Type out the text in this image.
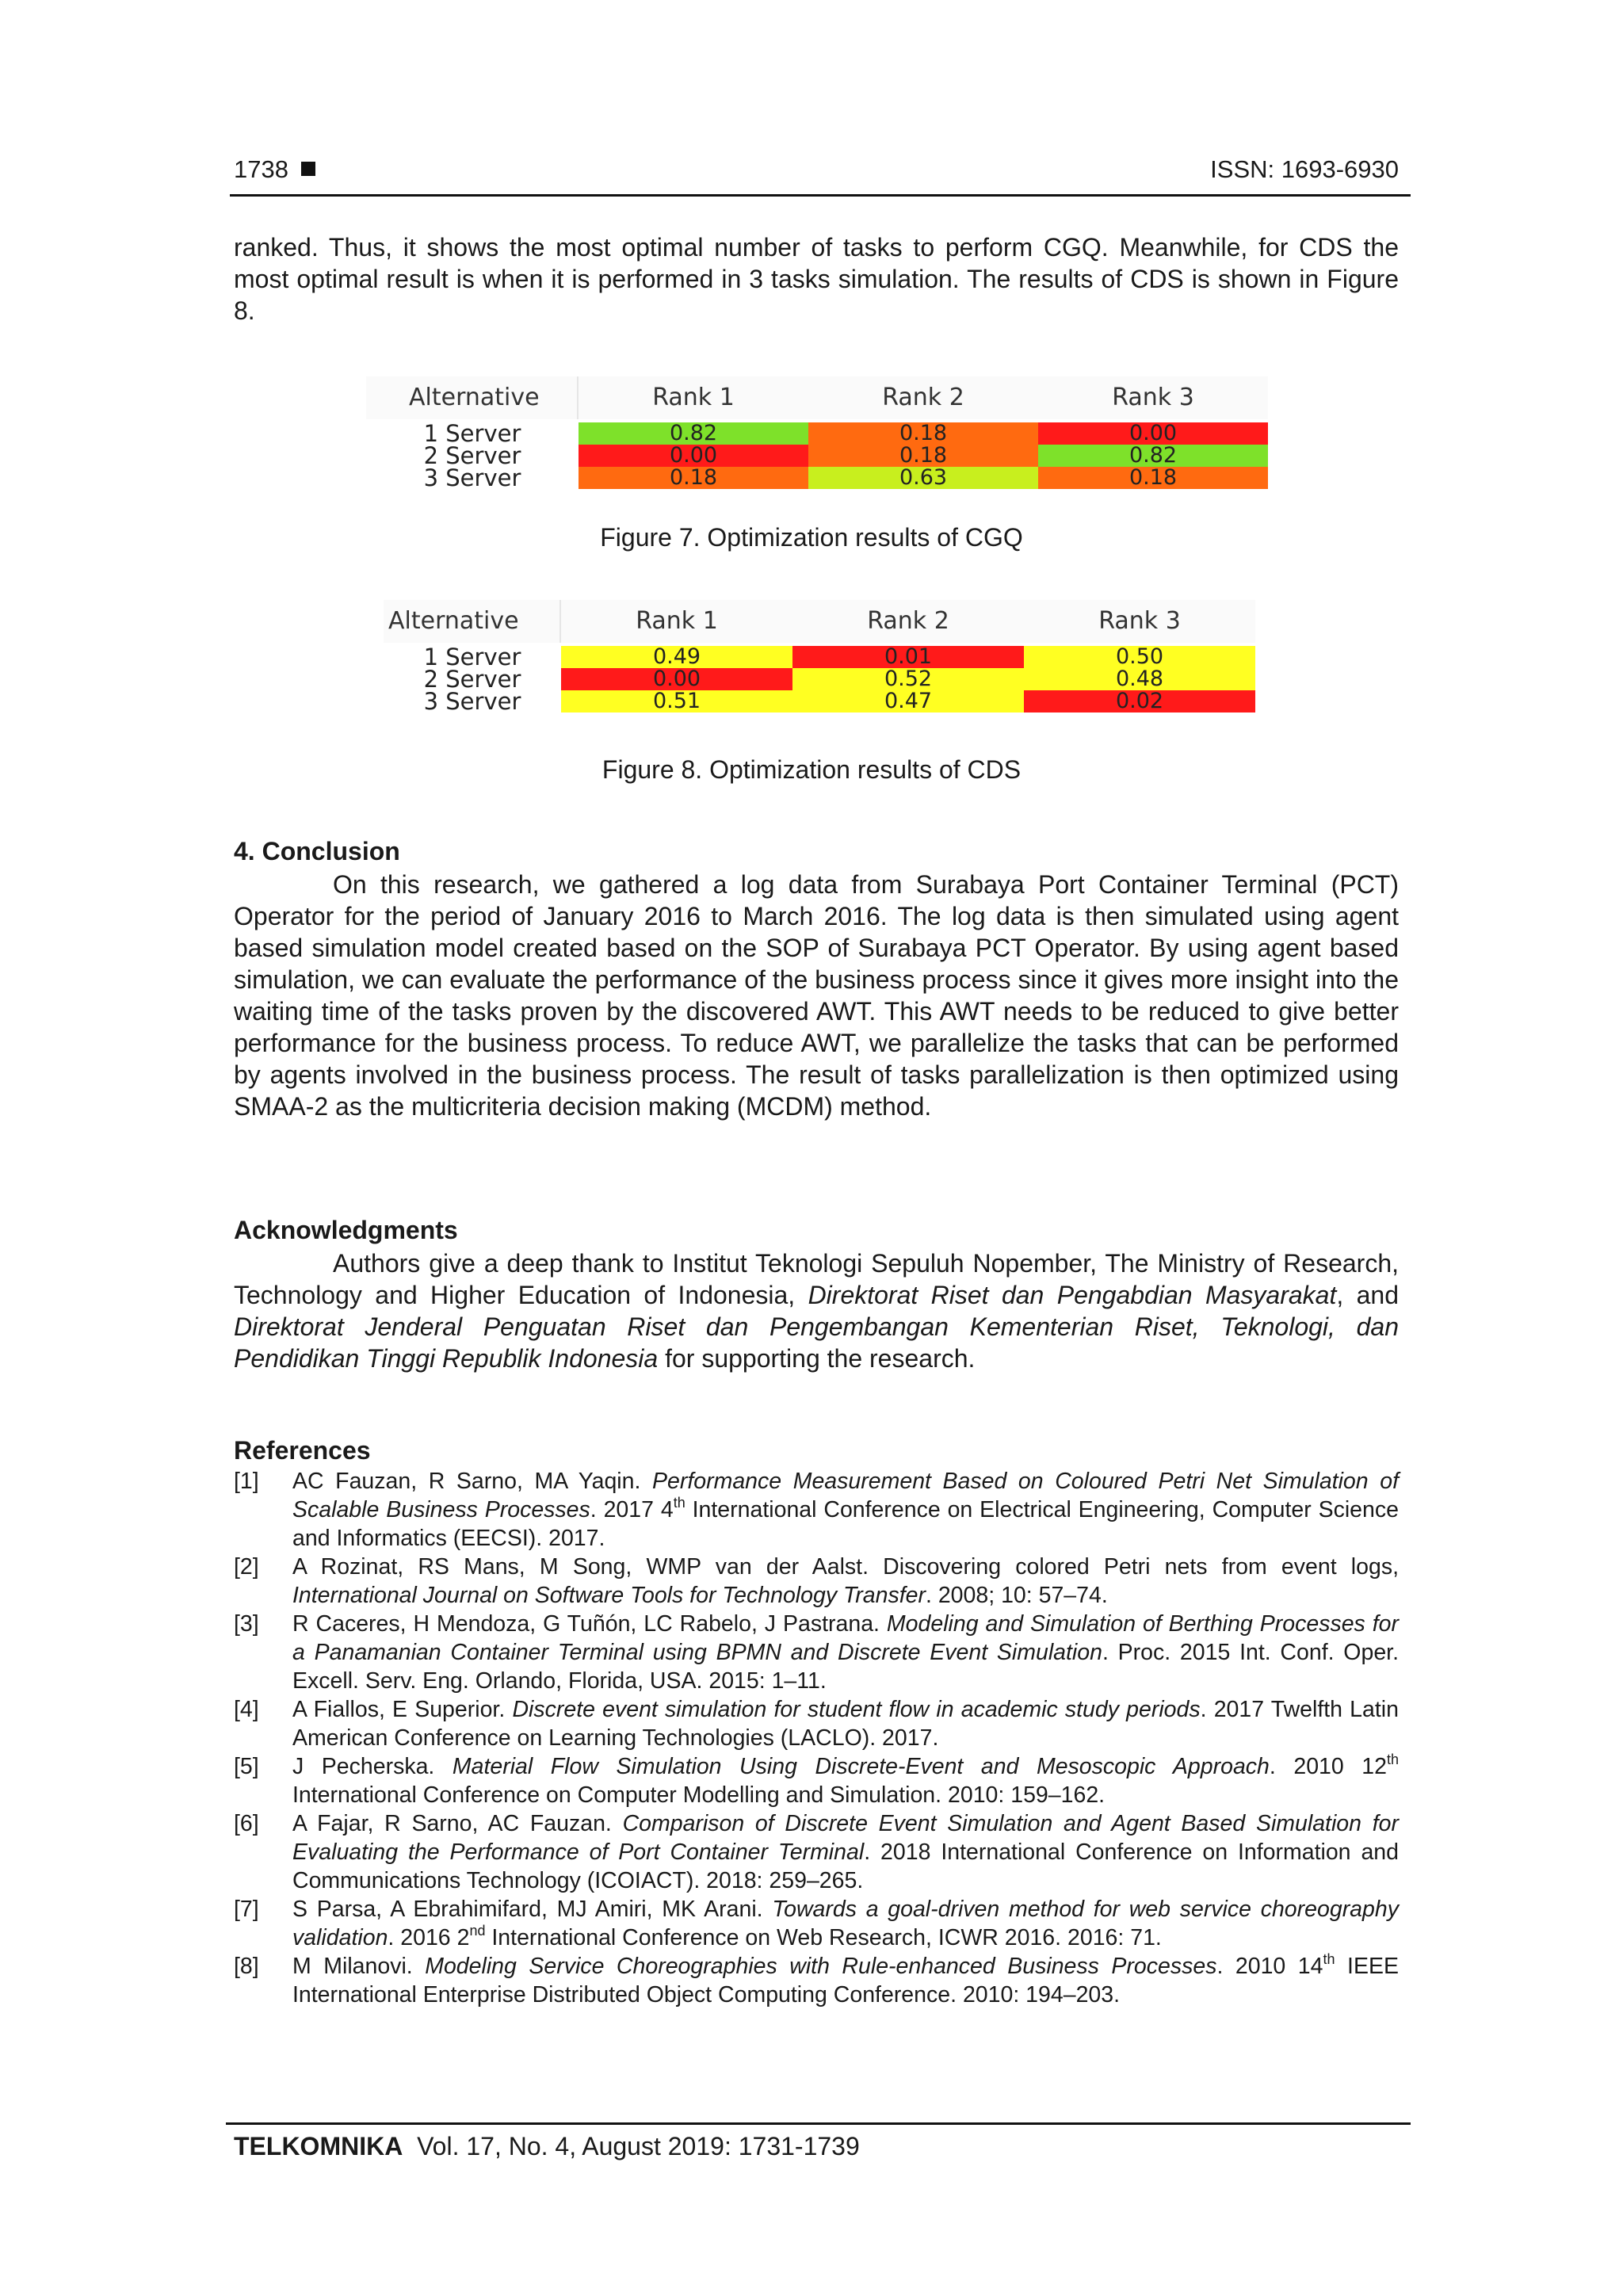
1738	ISSN: 1693-6930

ranked. Thus, it shows the most optimal number of tasks to perform CGQ. Meanwhile, for CDS the most optimal result is when it is performed in 3 tasks simulation. The results of CDS is shown in Figure 8.

Alternative	Rank 1	Rank 2	Rank 3
1 Server	0.82	0.18	0.00
2 Server	0.00	0.18	0.82
3 Server	0.18	0.63	0.18

Figure 7. Optimization results of CGQ

Alternative	Rank 1	Rank 2	Rank 3
1 Server	0.49	0.01	0.50
2 Server	0.00	0.52	0.48
3 Server	0.51	0.47	0.02

Figure 8. Optimization results of CDS

4. Conclusion

On this research, we gathered a log data from Surabaya Port Container Terminal (PCT) Operator for the period of January 2016 to March 2016. The log data is then simulated using agent based simulation model created based on the SOP of Surabaya PCT Operator. By using agent based simulation, we can evaluate the performance of the business process since it gives more insight into the waiting time of the tasks proven by the discovered AWT. This AWT needs to be reduced to give better performance for the business process. To reduce AWT, we parallelize the tasks that can be performed by agents involved in the business process. The result of tasks parallelization is then optimized using SMAA-2 as the multicriteria decision making (MCDM) method.

Acknowledgments

Authors give a deep thank to Institut Teknologi Sepuluh Nopember, The Ministry of Research, Technology and Higher Education of Indonesia, Direktorat Riset dan Pengabdian Masyarakat, and Direktorat Jenderal Penguatan Riset dan Pengembangan Kementerian Riset, Teknologi, dan Pendidikan Tinggi Republik Indonesia for supporting the research.

References

[1]	AC Fauzan, R Sarno, MA Yaqin. Performance Measurement Based on Coloured Petri Net Simulation of Scalable Business Processes. 2017 4th International Conference on Electrical Engineering, Computer Science and Informatics (EECSI). 2017.
[2]	A Rozinat, RS Mans, M Song, WMP van der Aalst. Discovering colored Petri nets from event logs, International Journal on Software Tools for Technology Transfer. 2008; 10: 57–74.
[3]	R Caceres, H Mendoza, G Tuñón, LC Rabelo, J Pastrana. Modeling and Simulation of Berthing Processes for a Panamanian Container Terminal using BPMN and Discrete Event Simulation. Proc. 2015 Int. Conf. Oper. Excell. Serv. Eng. Orlando, Florida, USA. 2015: 1–11.
[4]	A Fiallos, E Superior. Discrete event simulation for student flow in academic study periods. 2017 Twelfth Latin American Conference on Learning Technologies (LACLO). 2017.
[5]	J Pecherska. Material Flow Simulation Using Discrete-Event and Mesoscopic Approach. 2010 12th International Conference on Computer Modelling and Simulation. 2010: 159–162.
[6]	A Fajar, R Sarno, AC Fauzan. Comparison of Discrete Event Simulation and Agent Based Simulation for Evaluating the Performance of Port Container Terminal. 2018 International Conference on Information and Communications Technology (ICOIACT). 2018: 259–265.
[7]	S Parsa, A Ebrahimifard, MJ Amiri, MK Arani. Towards a goal-driven method for web service choreography validation. 2016 2nd International Conference on Web Research, ICWR 2016. 2016: 71.
[8]	M Milanovi. Modeling Service Choreographies with Rule-enhanced Business Processes. 2010 14th IEEE International Enterprise Distributed Object Computing Conference. 2010: 194–203.
TELKOMNIKA Vol. 17, No. 4, August 2019: 1731-1739
